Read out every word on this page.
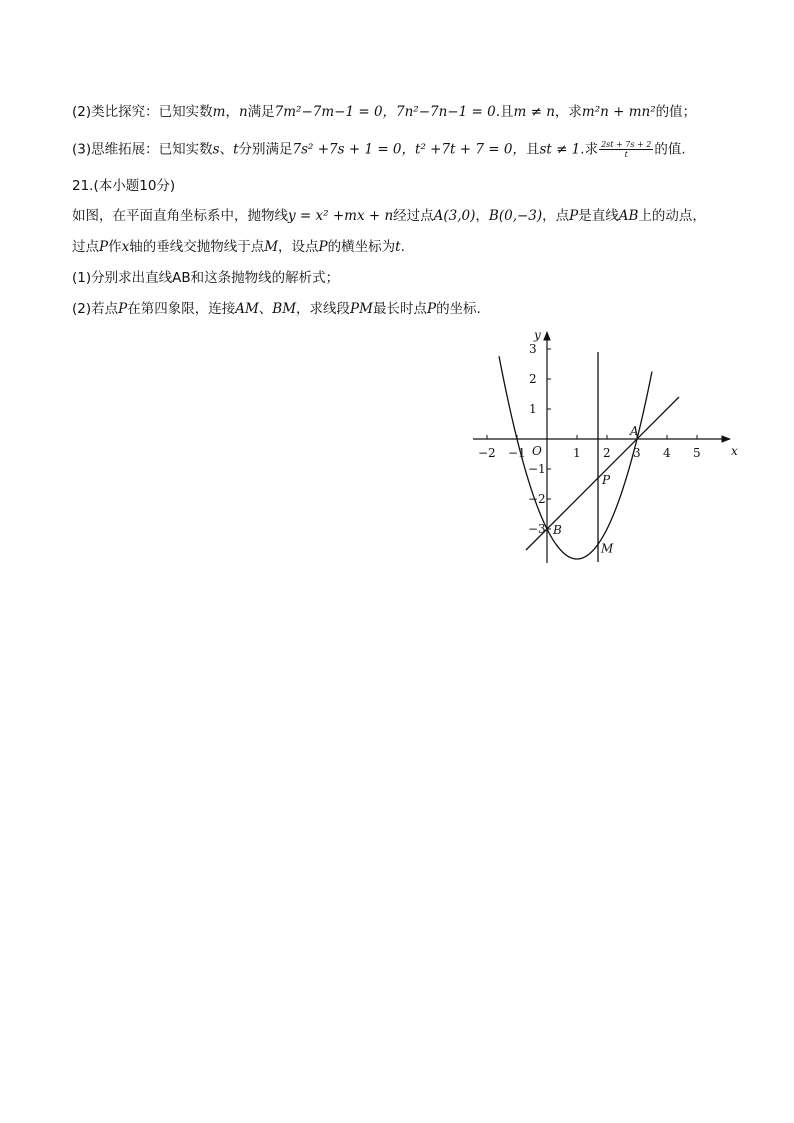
(2)类比探究：已知实数m，n满足7m²−7m−1 = 0，7n²−7n−1 = 0.且m ≠ n，求m²n + mn²的值；
(3)思维拓展：已知实数s、t分别满足7s² +7s + 1 = 0，t² +7t + 7 = 0，且st ≠ 1.求 $\frac{2st + 7s + 2}{t}$ 的值.
21.(本小题10分)
如图，在平面直角坐标系中，抛物线y = x² +mx + n经过点A(3,0)，B(0,−3)，点P是直线AB上的动点，
过点P作x轴的垂线交抛物线于点M，设点P的横坐标为t.
(1)分别求出直线AB和这条抛物线的解析式；
(2)若点P在第四象限，连接AM、BM，求线段PM最长时点P的坐标.
−2 −1	1 2 3 4 5
3
2
1
−1
−2
−3
x
y
O
A
B
P
M
